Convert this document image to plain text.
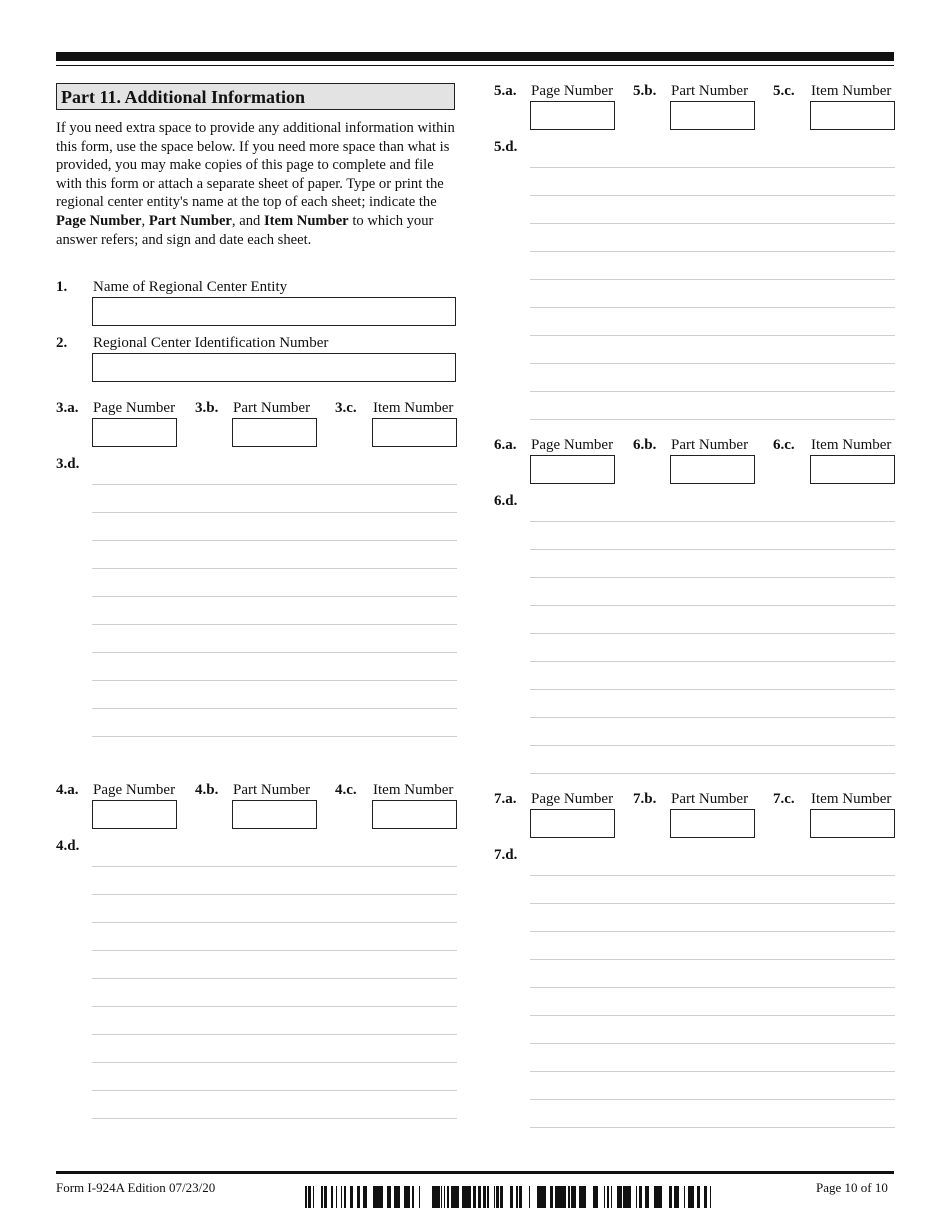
Part 11. Additional Information
If you need extra space to provide any additional information within this form, use the space below. If you need more space than what is provided, you may make copies of this page to complete and file with this form or attach a separate sheet of paper. Type or print the regional center entity's name at the top of each sheet; indicate the Page Number, Part Number, and Item Number to which your answer refers; and sign and date each sheet.
1. Name of Regional Center Entity
2. Regional Center Identification Number
3.a. Page Number 3.b. Part Number 3.c. Item Number
3.d.
4.a. Page Number 4.b. Part Number 4.c. Item Number
4.d.
5.a. Page Number 5.b. Part Number 5.c. Item Number
5.d.
6.a. Page Number 6.b. Part Number 6.c. Item Number
6.d.
7.a. Page Number 7.b. Part Number 7.c. Item Number
7.d.
Form I-924A Edition 07/23/20	Page 10 of 10
